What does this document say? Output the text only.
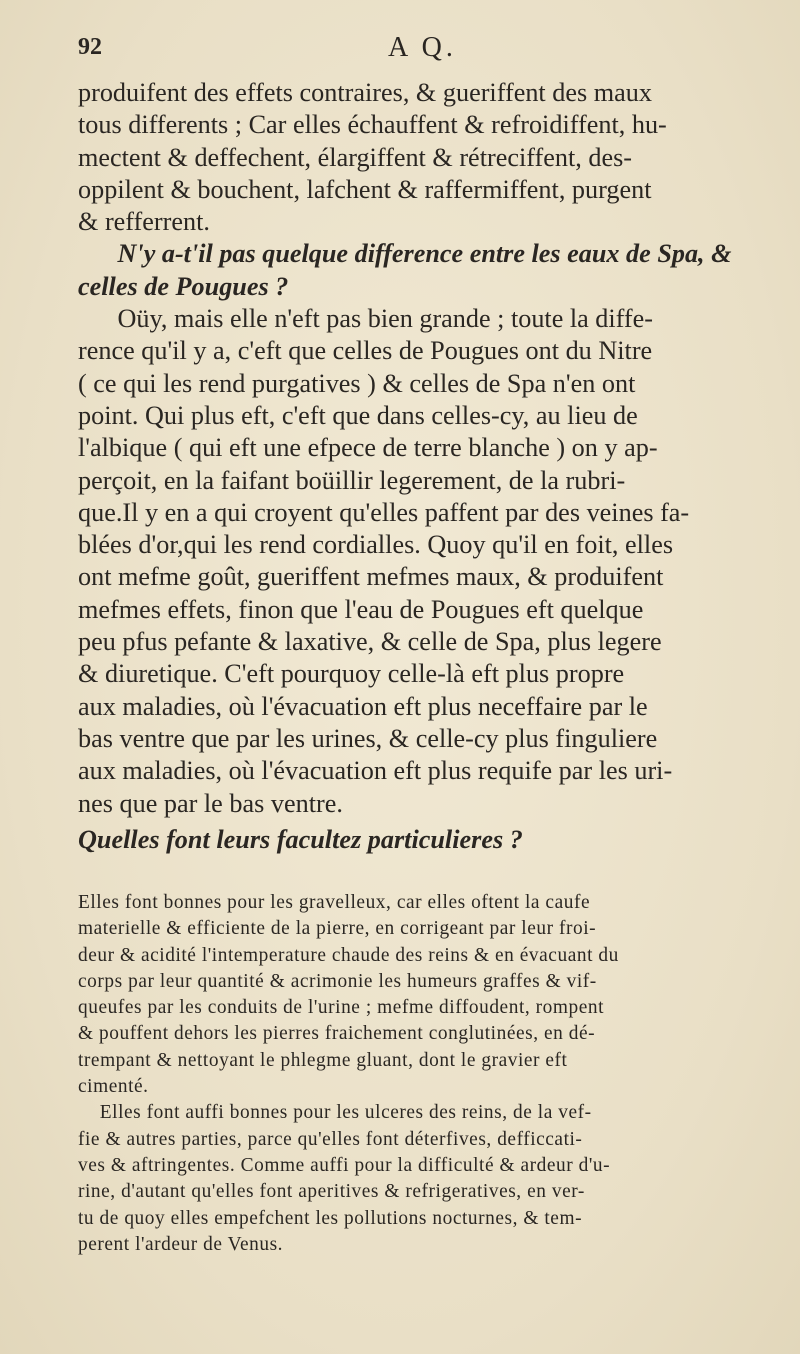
92	A Q.
produifent des effets contraires, & gueriffent des maux
tous differents ; Car elles échauffent & refroidiffent, hu-
mectent & deffechent, élargiffent & rétreciffent, des-
oppilent & bouchent, lafchent & raffermiffent, purgent
& refferrent.
N'y a-t'il pas quelque difference entre les eaux de Spa, &
celles de Pougues ?
Oüy, mais elle n'eft pas bien grande ; toute la diffe-
rence qu'il y a, c'eft que celles de Pougues ont du Nitre
( ce qui les rend purgatives ) & celles de Spa n'en ont
point. Qui plus eft, c'eft que dans celles-cy, au lieu de
l'albique ( qui eft une efpece de terre blanche ) on y ap-
perçoit, en la faifant boüillir legerement, de la rubri-
que.Il y en a qui croyent qu'elles paffent par des veines fa-
blées d'or,qui les rend cordialles. Quoy qu'il en foit, elles
ont mefme goût, gueriffent mefmes maux, & produifent
mefmes effets, finon que l'eau de Pougues eft quelque
peu pfus pefante & laxative, & celle de Spa, plus legere
& diuretique. C'eft pourquoy celle-là eft plus propre
aux maladies, où l'évacuation eft plus neceffaire par le
bas ventre que par les urines, & celle-cy plus finguliere
aux maladies, où l'évacuation eft plus requife par les uri-
nes que par le bas ventre.
Quelles font leurs facultez particulieres ?
Elles font bonnes pour les gravelleux, car elles oftent la caufe
materielle & efficiente de la pierre, en corrigeant par leur froi-
deur & acidité l'intemperature chaude des reins & en évacuant du
corps par leur quantité & acrimonie les humeurs graffes & vif-
queufes par les conduits de l'urine ; mefme diffoudent, rompent
& pouffent dehors les pierres fraichement conglutinées, en dé-
trempant & nettoyant le phlegme gluant, dont le gravier eft
cimenté.
Elles font auffi bonnes pour les ulceres des reins, de la vef-
fie & autres parties, parce qu'elles font déterfives, defficcati-
ves & aftringentes. Comme auffi pour la difficulté & ardeur d'u-
rine, d'autant qu'elles font aperitives & refrigeratives, en ver-
tu de quoy elles empefchent les pollutions nocturnes, & tem-
perent l'ardeur de Venus.
